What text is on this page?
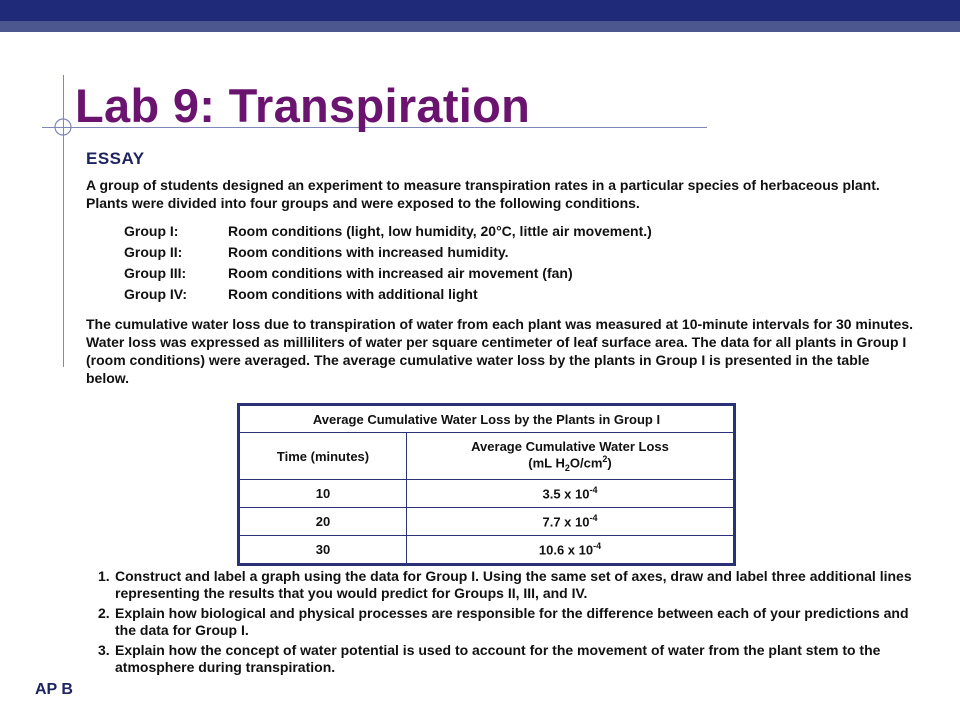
Lab 9: Transpiration
ESSAY
A group of students designed an experiment to measure transpiration rates in a particular species of herbaceous plant. Plants were divided into four groups and were exposed to the following conditions.
Group I:	Room conditions (light, low humidity, 20°C, little air movement.)
Group II:	Room conditions with increased humidity.
Group III:	Room conditions with increased air movement (fan)
Group IV:	Room conditions with additional light
The cumulative water loss due to transpiration of water from each plant was measured at 10-minute intervals for 30 minutes. Water loss was expressed as milliliters of water per square centimeter of leaf surface area. The data for all plants in Group I (room conditions) were averaged. The average cumulative water loss by the plants in Group I is presented in the table below.
Average Cumulative Water Loss by the Plants in Group I	
Time (minutes)	Average Cumulative Water Loss
(mL $H_2O/cm^2$)

10	3.5 x $10^{-4}$
20	7.7 x $10^{-4}$
30	10.6 x $10^{-4}$
1. Construct and label a graph using the data for Group I. Using the same set of axes, draw and label three additional lines representing the results that you would predict for Groups II, III, and IV.
2. Explain how biological and physical processes are responsible for the difference between each of your predictions and the data for Group I.
3. Explain how the concept of water potential is used to account for the movement of water from the plant stem to the atmosphere during transpiration.
AP B
